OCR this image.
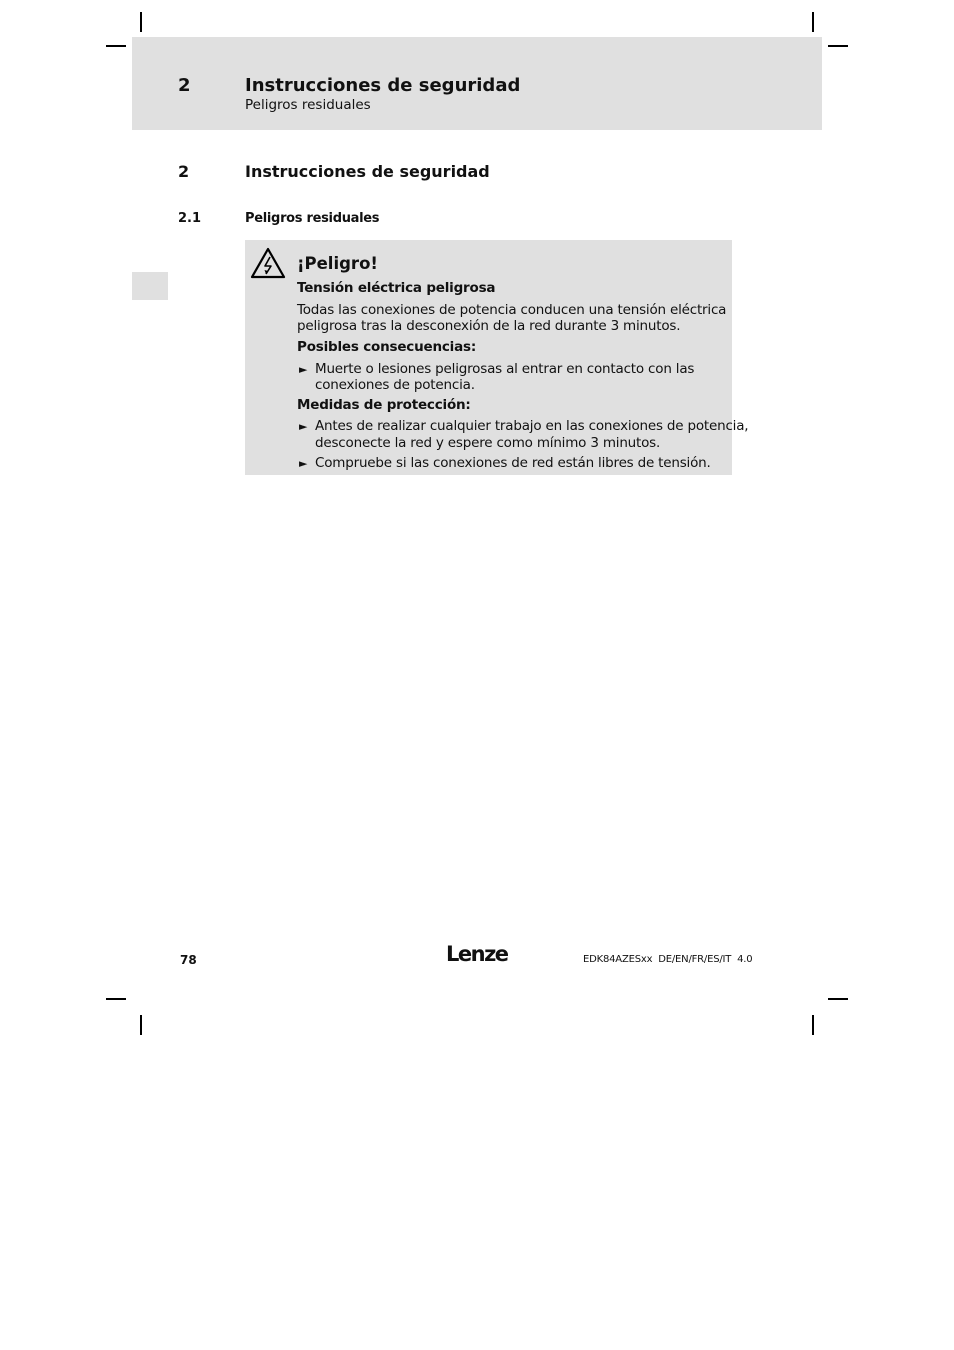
2	Instrucciones de seguridad
Peligros residuales
2	Instrucciones de seguridad
2.1	Peligros residuales
¡Peligro!
Tensión eléctrica peligrosa
Todas las conexiones de potencia conducen una tensión eléctrica
peligrosa tras la desconexión de la red durante 3 minutos.
Posibles consecuencias:
► Muerte o lesiones peligrosas al entrar en contacto con las
conexiones de potencia.
Medidas de protección:
► Antes de realizar cualquier trabajo en las conexiones de potencia,
desconecte la red y espere como mínimo 3 minutos.
► Compruebe si las conexiones de red están libres de tensión.
78	Lenze	EDK84AZESxx  DE/EN/FR/ES/IT  4.0
